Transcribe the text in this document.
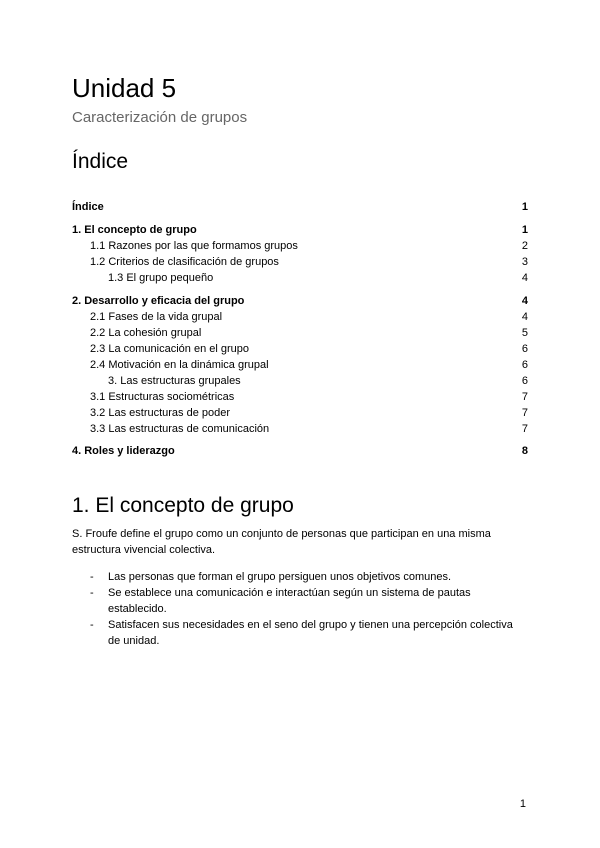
Unidad 5
Caracterización de grupos
Índice
Índice	1
1. El concepto de grupo	1
1.1 Razones por las que formamos grupos	2
1.2 Criterios de clasificación de grupos	3
1.3 El grupo pequeño	4
2. Desarrollo y eficacia del grupo	4
2.1 Fases de la vida grupal	4
2.2 La cohesión grupal	5
2.3 La comunicación en el grupo	6
2.4 Motivación en la dinámica grupal	6
3. Las estructuras grupales	6
3.1 Estructuras sociométricas	7
3.2 Las estructuras de poder	7
3.3 Las estructuras de comunicación	7
4. Roles y liderazgo	8
1. El concepto de grupo

S. Froufe define el grupo como un conjunto de personas que participan en una misma estructura vivencial colectiva.

- Las personas que forman el grupo persiguen unos objetivos comunes.
- Se establece una comunicación e interactúan según un sistema de pautas establecido.
- Satisfacen sus necesidades en el seno del grupo y tienen una percepción colectiva de unidad.
1
